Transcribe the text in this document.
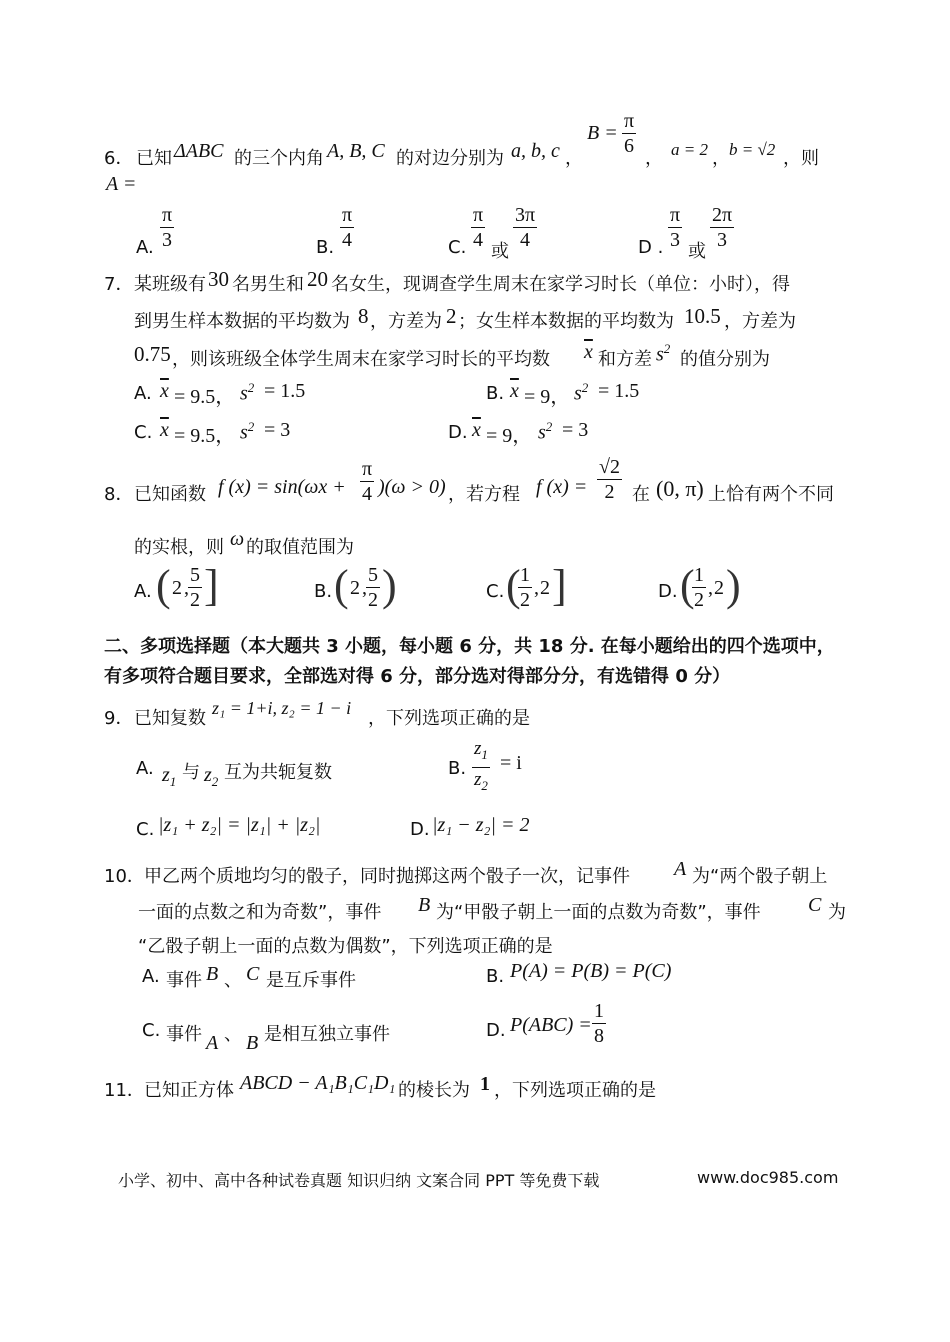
6． 已知 ΔABC 的三个内角 A, B, C 的对边分别为 a, b, c ，
B =
π
6
， a = 2 ， b = √2 ，则
A =
A.
π
3	B.
π
4	C.
π
4
或
3π
4	D .
π
3
或
2π
3
7． 某班级有 30 名男生和 20 名女生，现调查学生周末在家学习时长（单位：小时），得
到男生样本数据的平均数为 8 ，方差为 2 ；女生样本数据的平均数为 10.5 ，方差为
0.75 ，则该班级全体学生周末在家学习时长的平均数 $\overline{x}$ 和方差 $s^2$
的值分别为
A. $\overline{x} = 9.5$， $s^2 = 1.5$	B. $\overline{x} = 9$， $s^2 = 1.5$
C. $\overline{x} = 9.5$， $s^2 = 3$	D. $\overline{x} = 9$， $s^2 = 3$
8． 已知函数 f (x) = sin(ωx +
π
4 )(ω > 0) ，若方程 f (x) =
√2
2 在 (0, π) 上恰有两个不同
的实根，则 ω 的取值范围为
A. ( 2 ,
5
2 ]	B. ( 2 ,
5
2 )	C. ( 1
2
, 2 ]	D. ( 1
2
, 2 )
二、多项选择题（本大题共 3 小题，每小题 6 分，共 18 分. 在每小题给出的四个选项中，
有多项符合题目要求，全部选对得 6 分，部分选对得部分分，有选错得 0 分）
9． 已知复数 z₁ = 1+i, z₂ = 1 − i ，下列选项正确的是
A. $z_1$ 与 $z_2$ 互为共轭复数	B.
$z_1$
$z_2$
= i
C. |z₁ + z₂| = |z₁| + |z₂|	D. |z₁ − z₂| = 2
10． 甲乙两个质地均匀的骰子，同时抛掷这两个骰子一次，记事件 A 为“两个骰子朝上
一面的点数之和为奇数”，事件 B 为“甲骰子朝上一面的点数为奇数”，事件 C 为
“乙骰子朝上一面的点数为偶数”，下列选项正确的是
A. 事件 B 、 C 是互斥事件	B. P(A) = P(B) = P(C)
C. 事件 A 、 B 是相互独立事件	D. P(ABC) =
1
8
11． 已知正方体 ABCD − A₁B₁C₁D₁ 的棱长为 1 ，下列选项正确的是
小学、初中、高中各种试卷真题 知识归纳 文案合同 PPT 等免费下载	www.doc985.com
